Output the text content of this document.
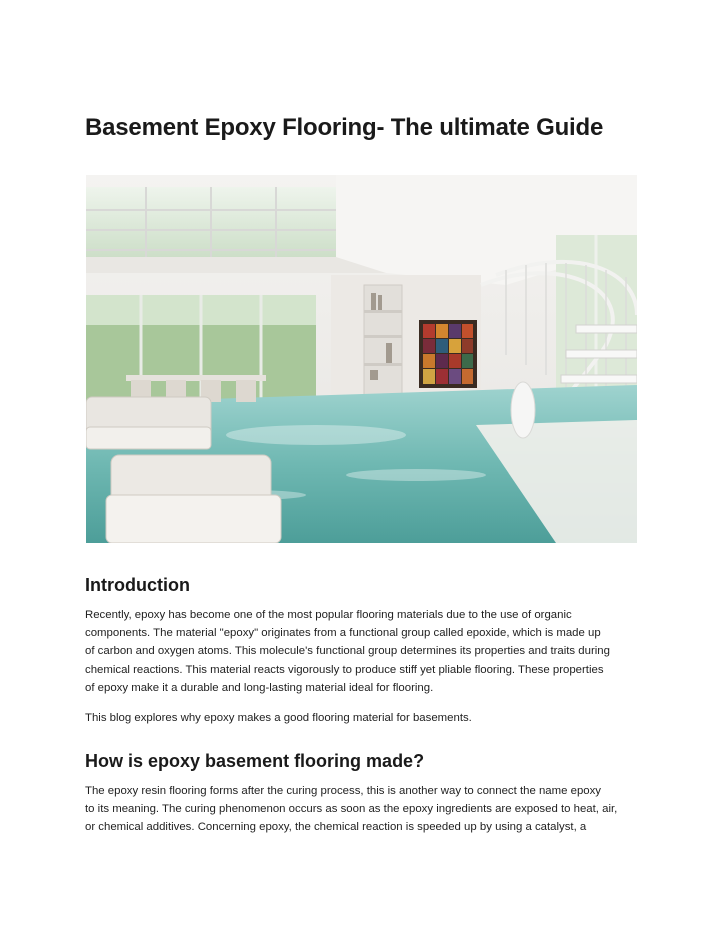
Basement Epoxy Flooring- The ultimate Guide
Introduction

Recently, epoxy has become one of the most popular flooring materials due to the use of organic
components. The material "epoxy" originates from a functional group called epoxide, which is made up
of carbon and oxygen atoms. This molecule's functional group determines its properties and traits during
chemical reactions. This material reacts vigorously to produce stiff yet pliable flooring. These properties
of epoxy make it a durable and long-lasting material ideal for flooring.

This blog explores why epoxy makes a good flooring material for basements.

How is epoxy basement flooring made?

The epoxy resin flooring forms after the curing process, this is another way to connect the name epoxy
to its meaning. The curing phenomenon occurs as soon as the epoxy ingredients are exposed to heat, air,
or chemical additives. Concerning epoxy, the chemical reaction is speeded up by using a catalyst, a
